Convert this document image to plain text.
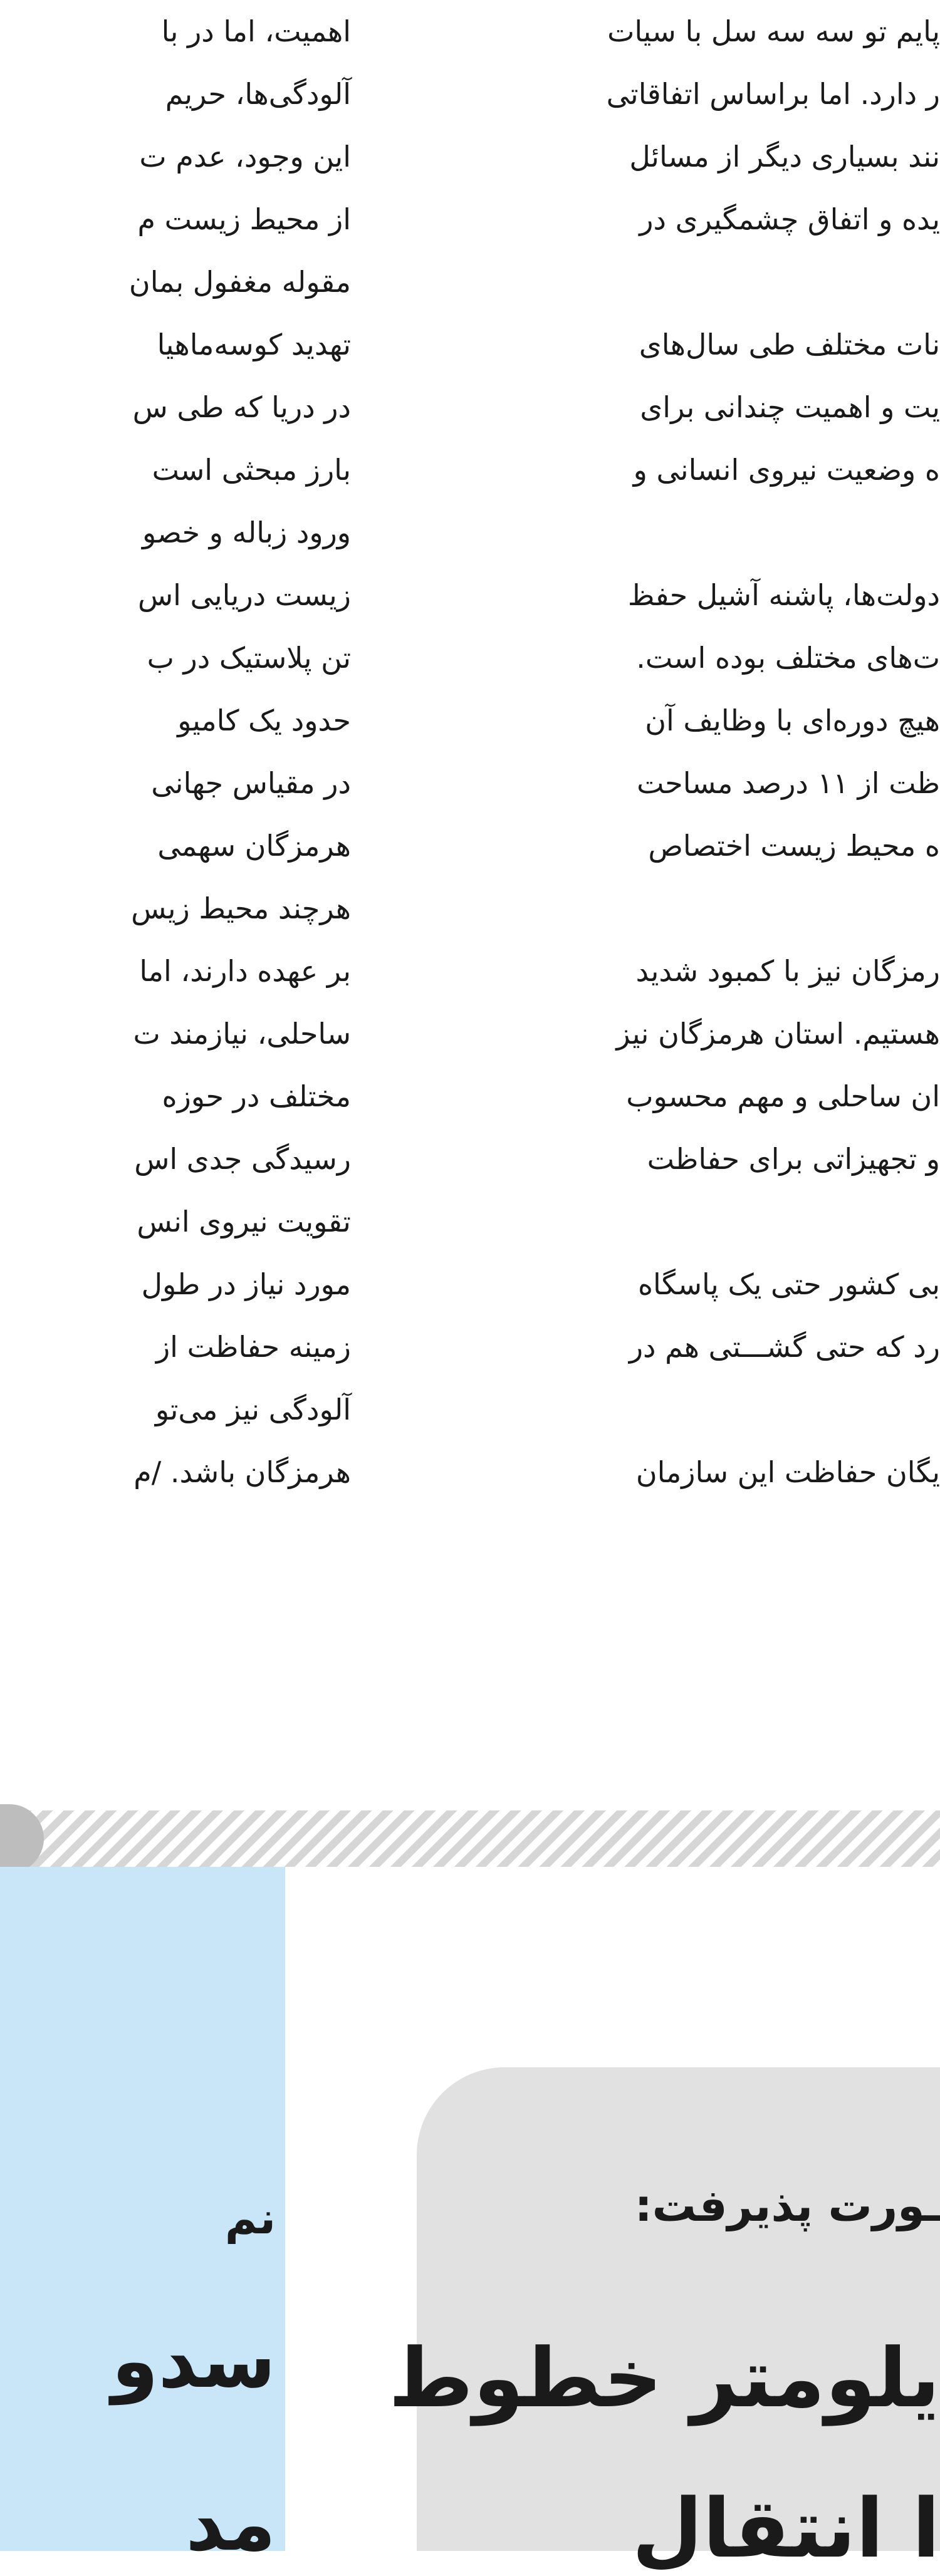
پایم تو سه سه سل با سیات
ر دارد. اما براساس اتفاقاتی
نند بسیاری دیگر از مسائل
یده و اتفاق چشمگیری در
نات مختلف طی سال‌های
یت و اهمیت چندانی برای
ه وضعیت نیروی انسانی و
دولت‌ها، پاشنه آشیل حفظ
ت‌های مختلف بوده است.
هیچ دوره‌ای با وظایف آن
ظت از ۱۱ درصد مساحت
ه محیط زیست اختصاص
رمزگان نیز با کمبود شدید
هستیم. استان هرمزگان نیز
ان ساحلی و مهم محسوب
و تجهیزاتی برای حفاظت
بی کشور حتی یک پاسگاه
رد که حتی گشـــتی هم در
یگان حفاظت این سازمان
اهمیت، اما در با
آلودگی‌ها، حریم
این وجود، عدم ت
از محیط زیست م
مقوله مغفول بمان
تهدید کوسه‌ماهیا
در دریا که طی س
بارز مبحثی است
ورود زباله و خصو
زیست دریایی اس
تن پلاستیک در ب
حدود یک کامیو
در مقیاس جهانی
هرمزگان سهمی
هرچند محیط زیس
بر عهده دارند، اما
ساحلی، نیازمند ت
مختلف در حوزه
رسیدگی جدی اس
تقویت نیروی انس
مورد نیاز در طول
زمینه حفاظت از
آلودگی نیز می‌تو
هرمزگان باشد. /م
نم
سدو
مد
ـورت پذیرفت:
یلومتر خطوط
ا انتقال
